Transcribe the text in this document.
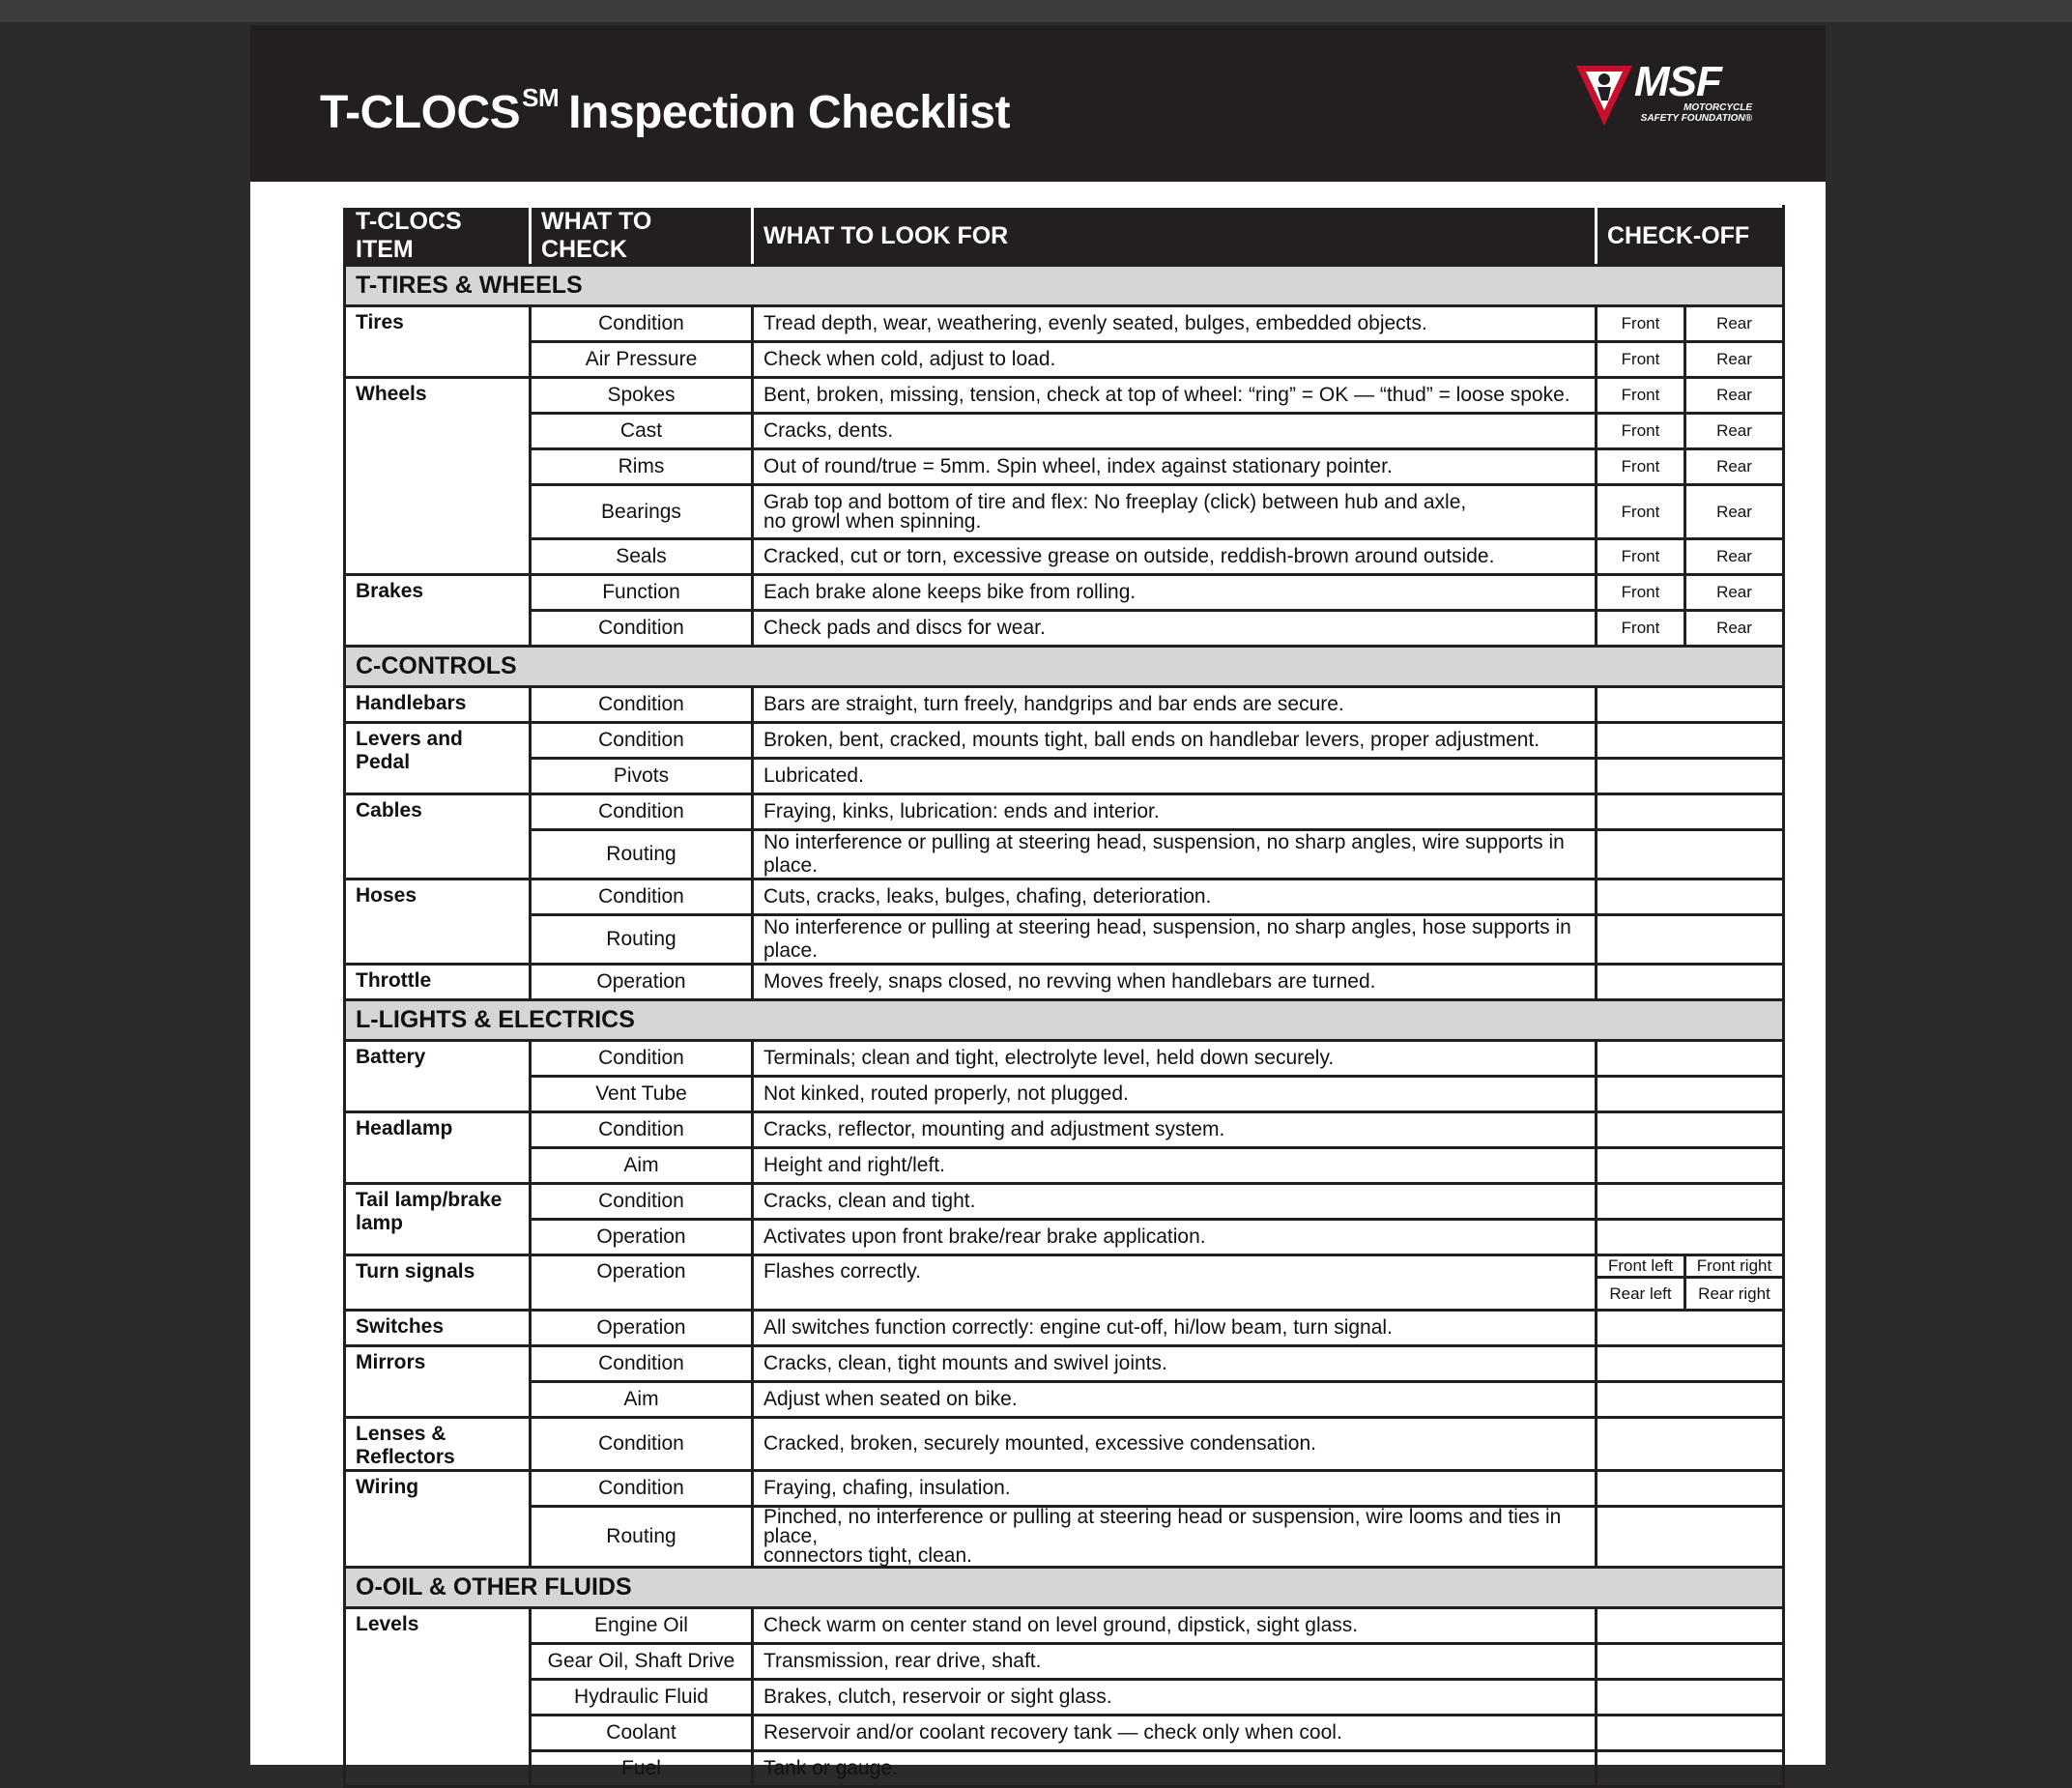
T-CLOCS℠ Inspection Checklist
MSF
MOTORCYCLE
SAFETY FOUNDATION®
T-CLOCS ITEM	WHAT TO CHECK	WHAT TO LOOK FOR	CHECK-OFF	
T-TIRES & WHEELS				
Tires	Condition	Tread depth, wear, weathering, evenly seated, bulges, embedded objects.	Front	Rear
	Air Pressure	Check when cold, adjust to load.	Front	Rear
Wheels	Spokes	Bent, broken, missing, tension, check at top of wheel: “ring” = OK — “thud” = loose spoke.	Front	Rear
	Cast	Cracks, dents.	Front	Rear
	Rims	Out of round/true = 5mm. Spin wheel, index against stationary pointer.	Front	Rear
	Bearings	Grab top and bottom of tire and flex: No freeplay (click) between hub and axle,
no growl when spinning.	Front	Rear
	Seals	Cracked, cut or torn, excessive grease on outside, reddish-brown around outside.	Front	Rear
Brakes	Function	Each brake alone keeps bike from rolling.	Front	Rear
	Condition	Check pads and discs for wear.	Front	Rear
C-CONTROLS				
Handlebars	Condition	Bars are straight, turn freely, handgrips and bar ends are secure.		
Levers and Pedal	Condition	Broken, bent, cracked, mounts tight, ball ends on handlebar levers, proper adjustment.		
	Pivots	Lubricated.		
Cables	Condition	Fraying, kinks, lubrication: ends and interior.		
	Routing	No interference or pulling at steering head, suspension, no sharp angles, wire supports in place.		
Hoses	Condition	Cuts, cracks, leaks, bulges, chafing, deterioration.		
	Routing	No interference or pulling at steering head, suspension, no sharp angles, hose supports in place.		
Throttle	Operation	Moves freely, snaps closed, no revving when handlebars are turned.		
L-LIGHTS & ELECTRICS				
Battery	Condition	Terminals; clean and tight, electrolyte level, held down securely.		
	Vent Tube	Not kinked, routed properly, not plugged.		
Headlamp	Condition	Cracks, reflector, mounting and adjustment system.		
	Aim	Height and right/left.		
Tail lamp/brake lamp	Condition	Cracks, clean and tight.		
	Operation	Activates upon front brake/rear brake application.		
Turn signals	Operation	Flashes correctly.	Front left	Front right
			Rear left	Rear right
Switches	Operation	All switches function correctly: engine cut-off, hi/low beam, turn signal.		
Mirrors	Condition	Cracks, clean, tight mounts and swivel joints.		
	Aim	Adjust when seated on bike.		
Lenses & Reflectors	Condition	Cracked, broken, securely mounted, excessive condensation.		
Wiring	Condition	Fraying, chafing, insulation.		
	Routing	Pinched, no interference or pulling at steering head or suspension, wire looms and ties in place,
connectors tight, clean.		

O-OIL & OTHER FLUIDS				
Levels	Engine Oil	Check warm on center stand on level ground, dipstick, sight glass.		
	Gear Oil, Shaft Drive	Transmission, rear drive, shaft.		
	Hydraulic Fluid	Brakes, clutch, reservoir or sight glass.		
	Coolant	Reservoir and/or coolant recovery tank — check only when cool.		
	Fuel	Tank or gauge.		
